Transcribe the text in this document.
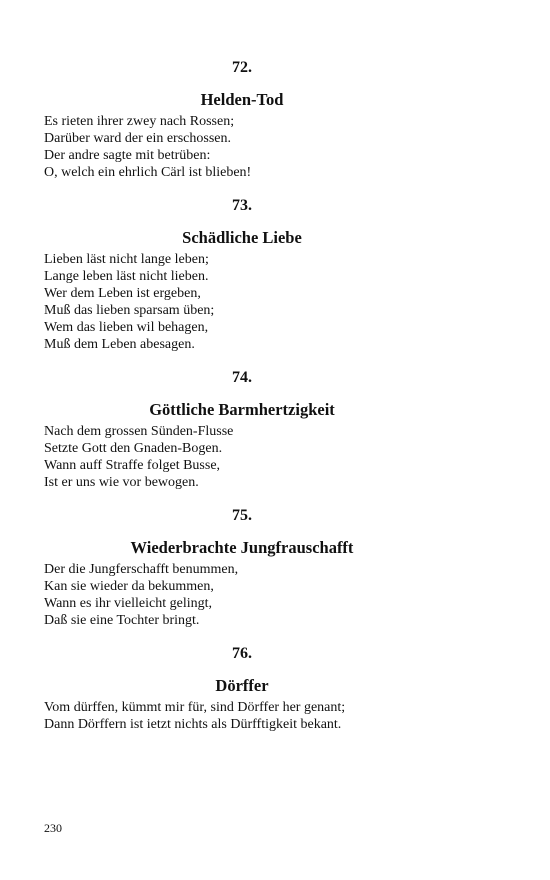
72.

Helden-Tod

Es rieten ihrer zwey nach Rossen;
Darüber ward der ein erschossen.
Der andre sagte mit betrüben:
O, welch ein ehrlich Cärl ist blieben!

73.

Schädliche Liebe

Lieben läst nicht lange leben;
Lange leben läst nicht lieben.
Wer dem Leben ist ergeben,
Muß das lieben sparsam üben;
Wem das lieben wil behagen,
Muß dem Leben abesagen.

74.

Göttliche Barmhertzigkeit

Nach dem grossen Sünden-Flusse
Setzte Gott den Gnaden-Bogen.
Wann auff Straffe folget Busse,
Ist er uns wie vor bewogen.

75.

Wiederbrachte Jungfrauschafft

Der die Jungferschafft benummen,
Kan sie wieder da bekummen,
Wann es ihr vielleicht gelingt,
Daß sie eine Tochter bringt.

76.

Dörffer

Vom dürffen, kümmt mir für, sind Dörffer her genant;
Dann Dörffern ist ietzt nichts als Dürfftigkeit bekant.
230
